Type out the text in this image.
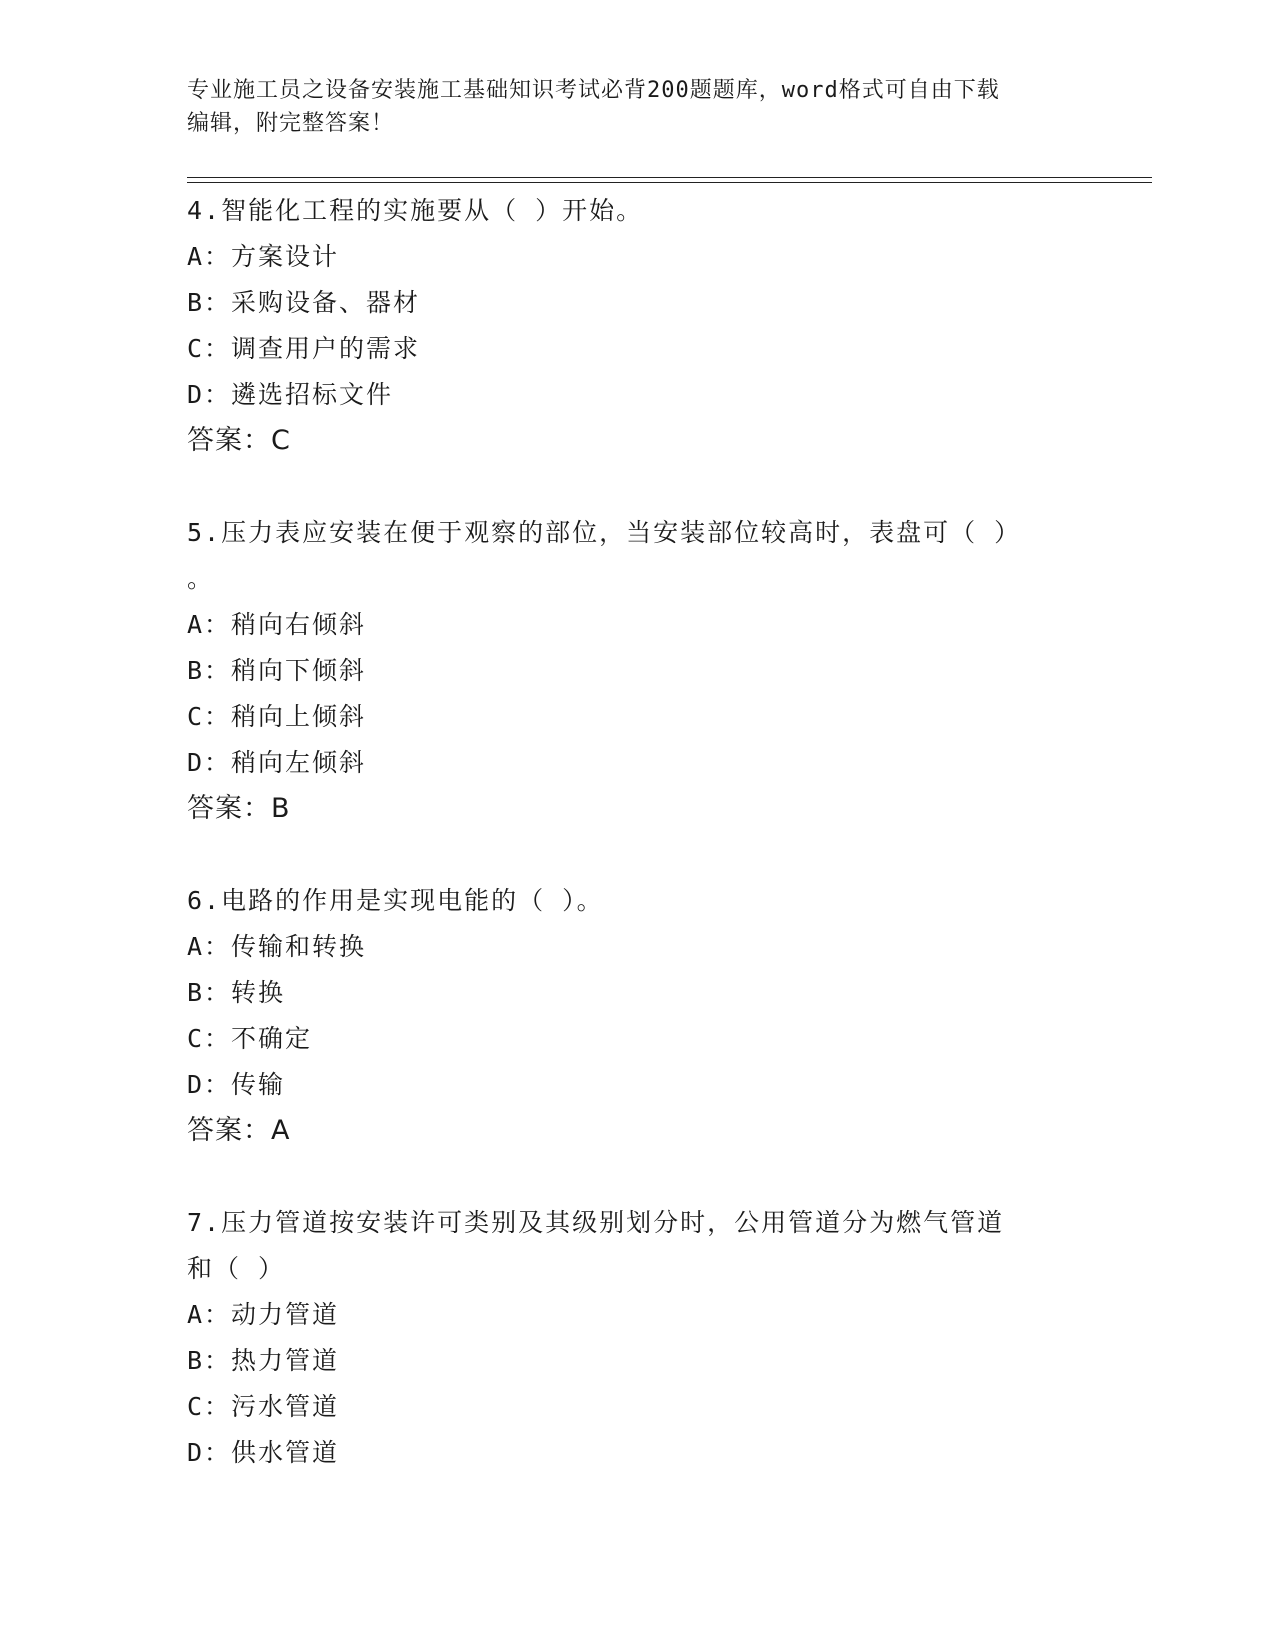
专业施工员之设备安装施工基础知识考试必背200题题库，word格式可自由下载
编辑，附完整答案！
4.智能化工程的实施要从（ ）开始。
A：方案设计
B：采购设备、器材
C：调查用户的需求
D：遴选招标文件
答案：C
5.压力表应安装在便于观察的部位，当安装部位较高时，表盘可（ ）
。
A：稍向右倾斜
B：稍向下倾斜
C：稍向上倾斜
D：稍向左倾斜
答案：B
6.电路的作用是实现电能的（ ）。
A：传输和转换
B：转换
C：不确定
D：传输
答案：A
7.压力管道按安装许可类别及其级别划分时，公用管道分为燃气管道
和（ ）
A：动力管道
B：热力管道
C：污水管道
D：供水管道
